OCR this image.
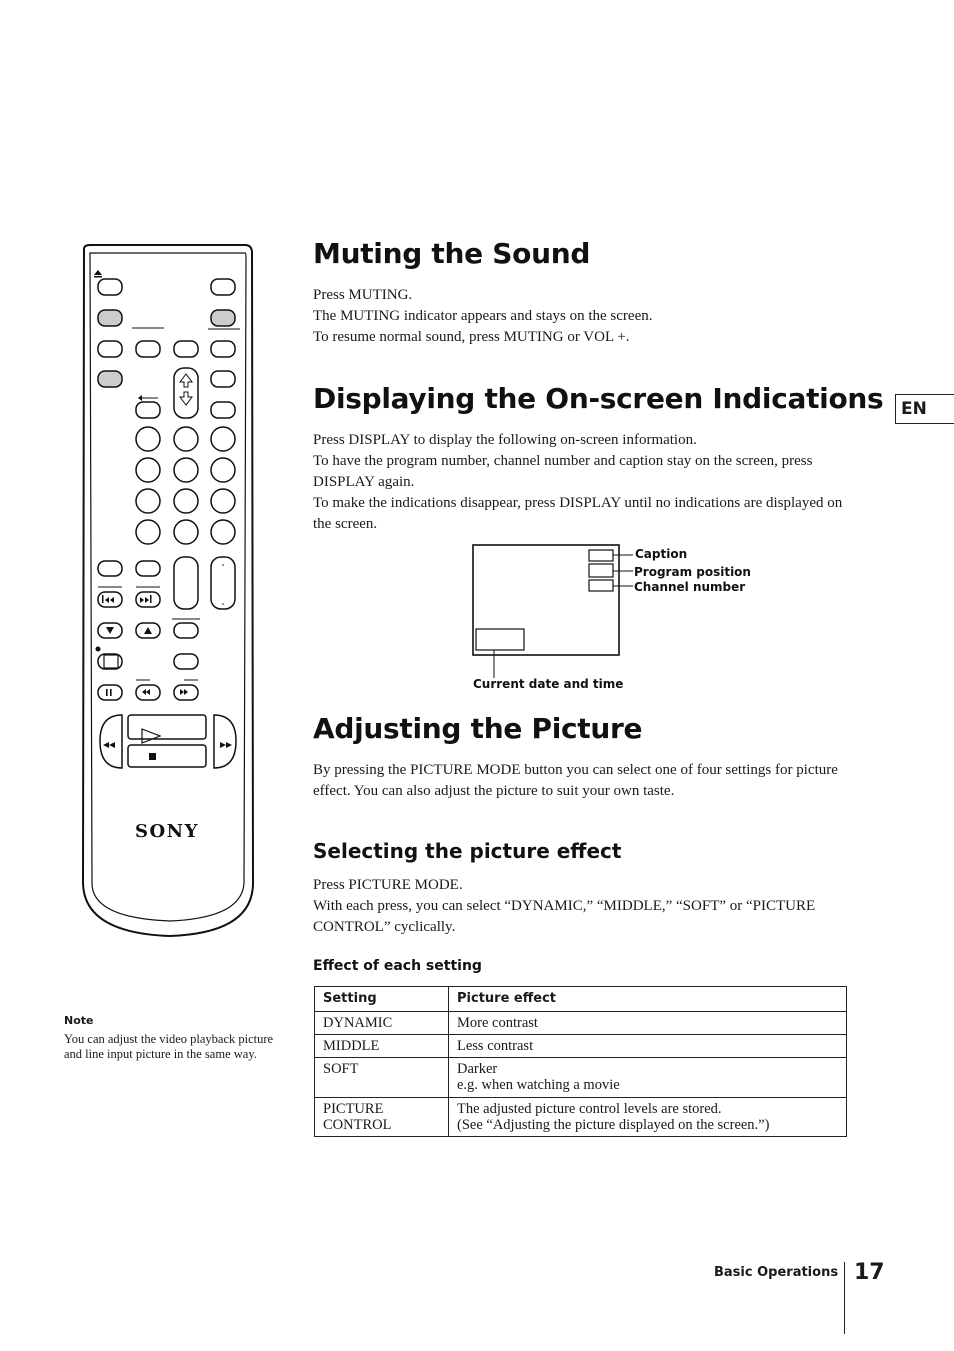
SONY
EN
Muting the Sound

Press MUTING.

The MUTING indicator appears and stays on the screen.

To resume normal sound, press MUTING or VOL +.

Displaying the On-screen Indications

Press DISPLAY to display the following on-screen information.

To have the program number, channel number and caption stay on the screen, press DISPLAY again.

To make the indications disappear, press DISPLAY until no indications are displayed on the screen.

Caption
Program position
Channel number
Current date and time
Adjusting the Picture
By pressing the PICTURE MODE button you can select one of four settings for picture effect. You can also adjust the picture to suit your own taste.
Selecting the picture effect

Press PICTURE MODE.

With each press, you can select “DYNAMIC,” “MIDDLE,” “SOFT” or “PICTURE CONTROL” cyclically.

Effect of each setting
Setting	Picture effect
DYNAMIC	More contrast
MIDDLE	Less contrast
SOFT	Darker
e.g. when watching a movie

PICTURE
CONTROL	The adjusted picture control levels are stored.
(See “Adjusting the picture displayed on the screen.”)
Note
You can adjust the video playback picture and line input picture in the same way.
Basic Operations 17
